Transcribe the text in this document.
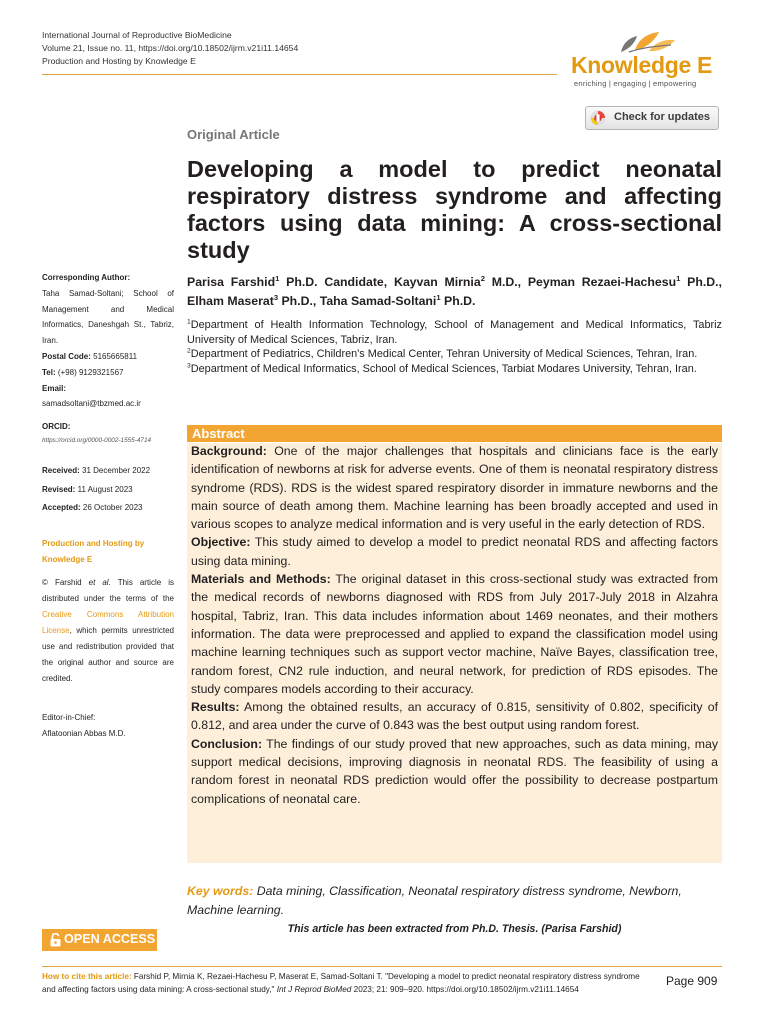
International Journal of Reproductive BioMedicine
Volume 21, Issue no. 11, https://doi.org/10.18502/ijrm.v21i11.14654
Production and Hosting by Knowledge E	Knowledge E
enriching | engaging | empowering
Check for updates
Original Article
Developing a model to predict neonatal respiratory distress syndrome and affecting factors using data mining: A cross-sectional study
Parisa Farshid$^1$ Ph.D. Candidate, Kayvan Mirnia$^2$ M.D., Peyman Rezaei-Hachesu$^1$ Ph.D., Elham Maserat$^3$ Ph.D., Taha Samad-Soltani$^1$ Ph.D.

$^1$Department of Health Information Technology, School of Management and Medical Informatics, Tabriz University of Medical Sciences, Tabriz, Iran.

$^2$Department of Pediatrics, Children's Medical Center, Tehran University of Medical Sciences, Tehran, Iran.

$^3$Department of Medical Informatics, School of Medical Sciences, Tarbiat Modares University, Tehran, Iran.

Corresponding Author:
Taha Samad-Soltani; School of Management and Medical Informatics, Daneshgah St., Tabriz, Iran.
Postal Code: 5165665811
Tel: (+98) 9129321567
Email:
samadsoltani@tbzmed.ac.ir
ORCID:
https://orcid.org/0000-0002-1555-4714
Received: 31 December 2022
Revised: 11 August 2023
Accepted: 26 October 2023
Production and Hosting by Knowledge E
© Farshid et al. This article is distributed under the terms of the Creative Commons Attribution License, which permits unrestricted use and redistribution provided that the original author and source are credited.
Editor-in-Chief:
Aflatoonian Abbas M.D.
Abstract

Background: One of the major challenges that hospitals and clinicians face is the early identification of newborns at risk for adverse events. One of them is neonatal respiratory distress syndrome (RDS). RDS is the widest spared respiratory disorder in immature newborns and the main source of death among them. Machine learning has been broadly accepted and used in various scopes to analyze medical information and is very useful in the early detection of RDS.

Objective: This study aimed to develop a model to predict neonatal RDS and affecting factors using data mining.

Materials and Methods: The original dataset in this cross-sectional study was extracted from the medical records of newborns diagnosed with RDS from July 2017-July 2018 in Alzahra hospital, Tabriz, Iran. This data includes information about 1469 neonates, and their mothers information. The data were preprocessed and applied to expand the classification model using machine learning techniques such as support vector machine, Naïve Bayes, classification tree, random forest, CN2 rule induction, and neural network, for prediction of RDS episodes. The study compares models according to their accuracy.

Results: Among the obtained results, an accuracy of 0.815, sensitivity of 0.802, specificity of 0.812, and area under the curve of 0.843 was the best output using random forest.

Conclusion: The findings of our study proved that new approaches, such as data mining, may support medical decisions, improving diagnosis in neonatal RDS. The feasibility of using a random forest in neonatal RDS prediction would offer the possibility to decrease postpartum complications of neonatal care.

Key words: Data mining, Classification, Neonatal respiratory distress syndrome, Newborn, Machine learning.
This article has been extracted from Ph.D. Thesis. (Parisa Farshid)
OPEN ACCESS
How to cite this article: Farshid P, Mirnia K, Rezaei-Hachesu P, Maserat E, Samad-Soltani T. "Developing a model to predict neonatal respiratory distress syndrome and affecting factors using data mining: A cross-sectional study," Int J Reprod BioMed 2023; 21: 909–920. https://doi.org/10.18502/ijrm.v21i11.14654
Page 909
